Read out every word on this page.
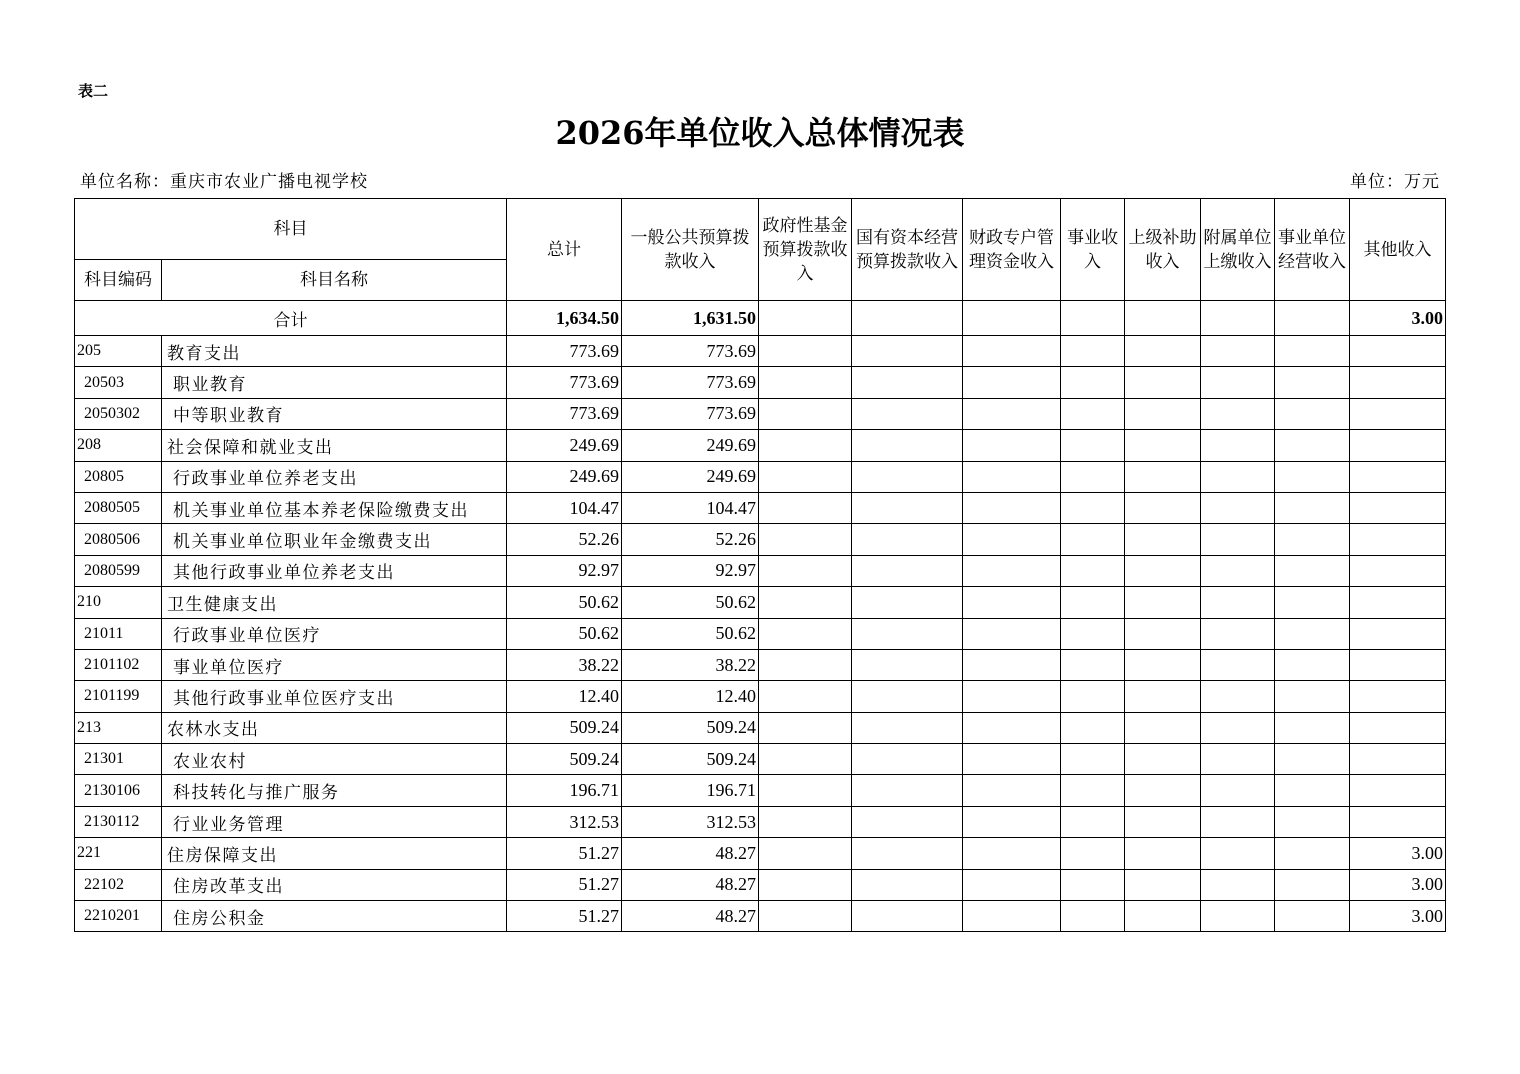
表二
2026年单位收入总体情况表
单位名称：重庆市农业广播电视学校	单位：万元
科目		总计	一般公共预算拨款收入	政府性基金预算拨款收入	国有资本经营预算拨款收入	财政专户管理资金收入	事业收入	上级补助收入	附属单位上缴收入	事业单位经营收入	其他收入
科目编码	科目名称										
合计		1,634.50	1,631.50								3.00
205	教育支出	773.69	773.69								
20503	职业教育	773.69	773.69								
2050302	中等职业教育	773.69	773.69								
208	社会保障和就业支出	249.69	249.69								
20805	行政事业单位养老支出	249.69	249.69								
2080505	机关事业单位基本养老保险缴费支出	104.47	104.47								
2080506	机关事业单位职业年金缴费支出	52.26	52.26								
2080599	其他行政事业单位养老支出	92.97	92.97								
210	卫生健康支出	50.62	50.62								
21011	行政事业单位医疗	50.62	50.62								
2101102	事业单位医疗	38.22	38.22								
2101199	其他行政事业单位医疗支出	12.40	12.40								
213	农林水支出	509.24	509.24								
21301	农业农村	509.24	509.24								
2130106	科技转化与推广服务	196.71	196.71								
2130112	行业业务管理	312.53	312.53								
221	住房保障支出	51.27	48.27								3.00
22102	住房改革支出	51.27	48.27								3.00
2210201	住房公积金	51.27	48.27								3.00
